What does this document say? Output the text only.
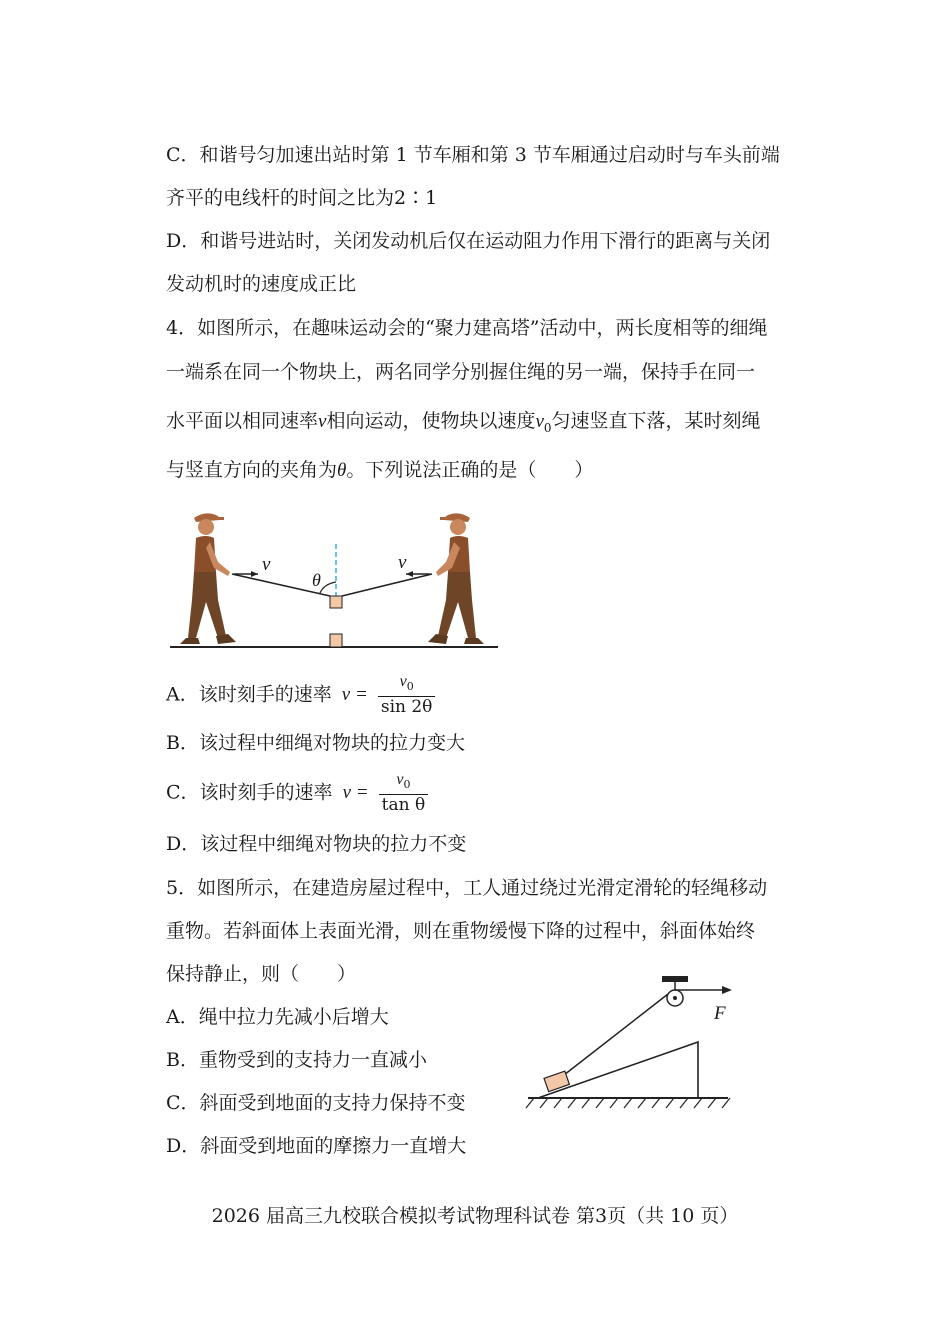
C．和谐号匀加速出站时第 1 节车厢和第 3 节车厢通过启动时与车头前端
齐平的电线杆的时间之比为2∶1
D．和谐号进站时，关闭发动机后仅在运动阻力作用下滑行的距离与关闭
发动机时的速度成正比
4．如图所示，在趣味运动会的“聚力建高塔”活动中，两长度相等的细绳
一端系在同一个物块上，两名同学分别握住绳的另一端，保持手在同一
水平面以相同速率v相向运动，使物块以速度$v_0$匀速竖直下落，某时刻绳
与竖直方向的夹角为θ。下列说法正确的是（　　）
v	v
θ
A．该时刻手的速率 $v = \frac{v_0}{\sin 2\theta}$
B．该过程中细绳对物块的拉力变大
C．该时刻手的速率 $v = \frac{v_0}{\text{tan θ}}$
D．该过程中细绳对物块的拉力不变
5．如图所示，在建造房屋过程中，工人通过绕过光滑定滑轮的轻绳移动
重物。若斜面体上表面光滑，则在重物缓慢下降的过程中，斜面体始终
保持静止，则（　　）
A．绳中拉力先减小后增大
B．重物受到的支持力一直减小
C．斜面受到地面的支持力保持不变
D．斜面受到地面的摩擦力一直增大
F
2026 届高三九校联合模拟考试物理科试卷 第3页（共 10 页）
